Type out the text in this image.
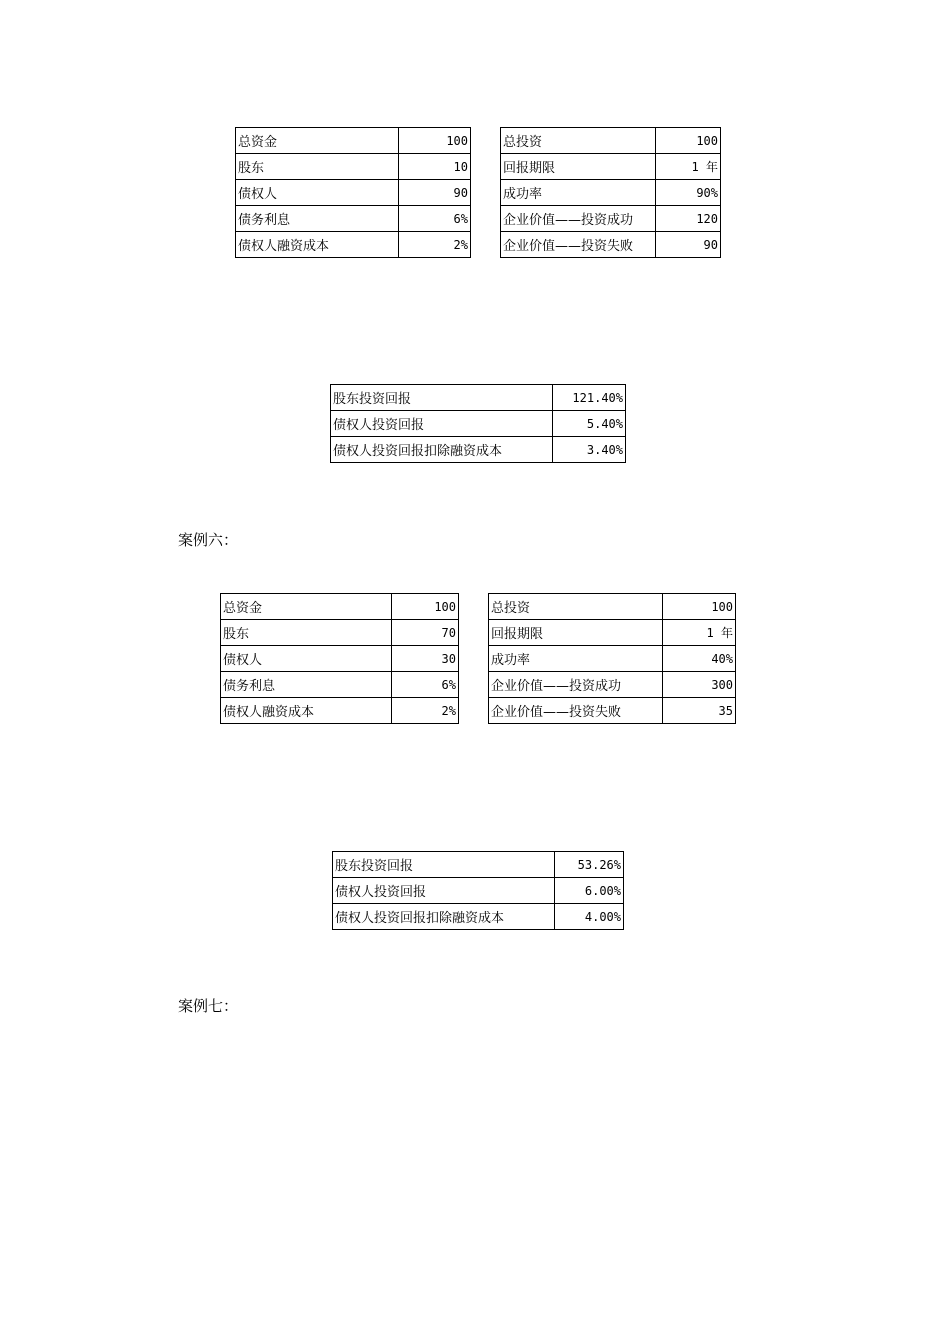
总资金	100		总投资	100
股东	10		回报期限	1 年
债权人	90		成功率	90%
债务利息	6%		企业价值——投资成功	120
债权人融资成本	2%		企业价值——投资失败	90
股东投资回报	121.40%
债权人投资回报	5.40%
债权人投资回报扣除融资成本	3.40%
案例六：
总资金	100		总投资	100
股东	70		回报期限	1 年
债权人	30		成功率	40%
债务利息	6%		企业价值——投资成功	300
债权人融资成本	2%		企业价值——投资失败	35
股东投资回报	53.26%
债权人投资回报	6.00%
债权人投资回报扣除融资成本	4.00%
案例七：
